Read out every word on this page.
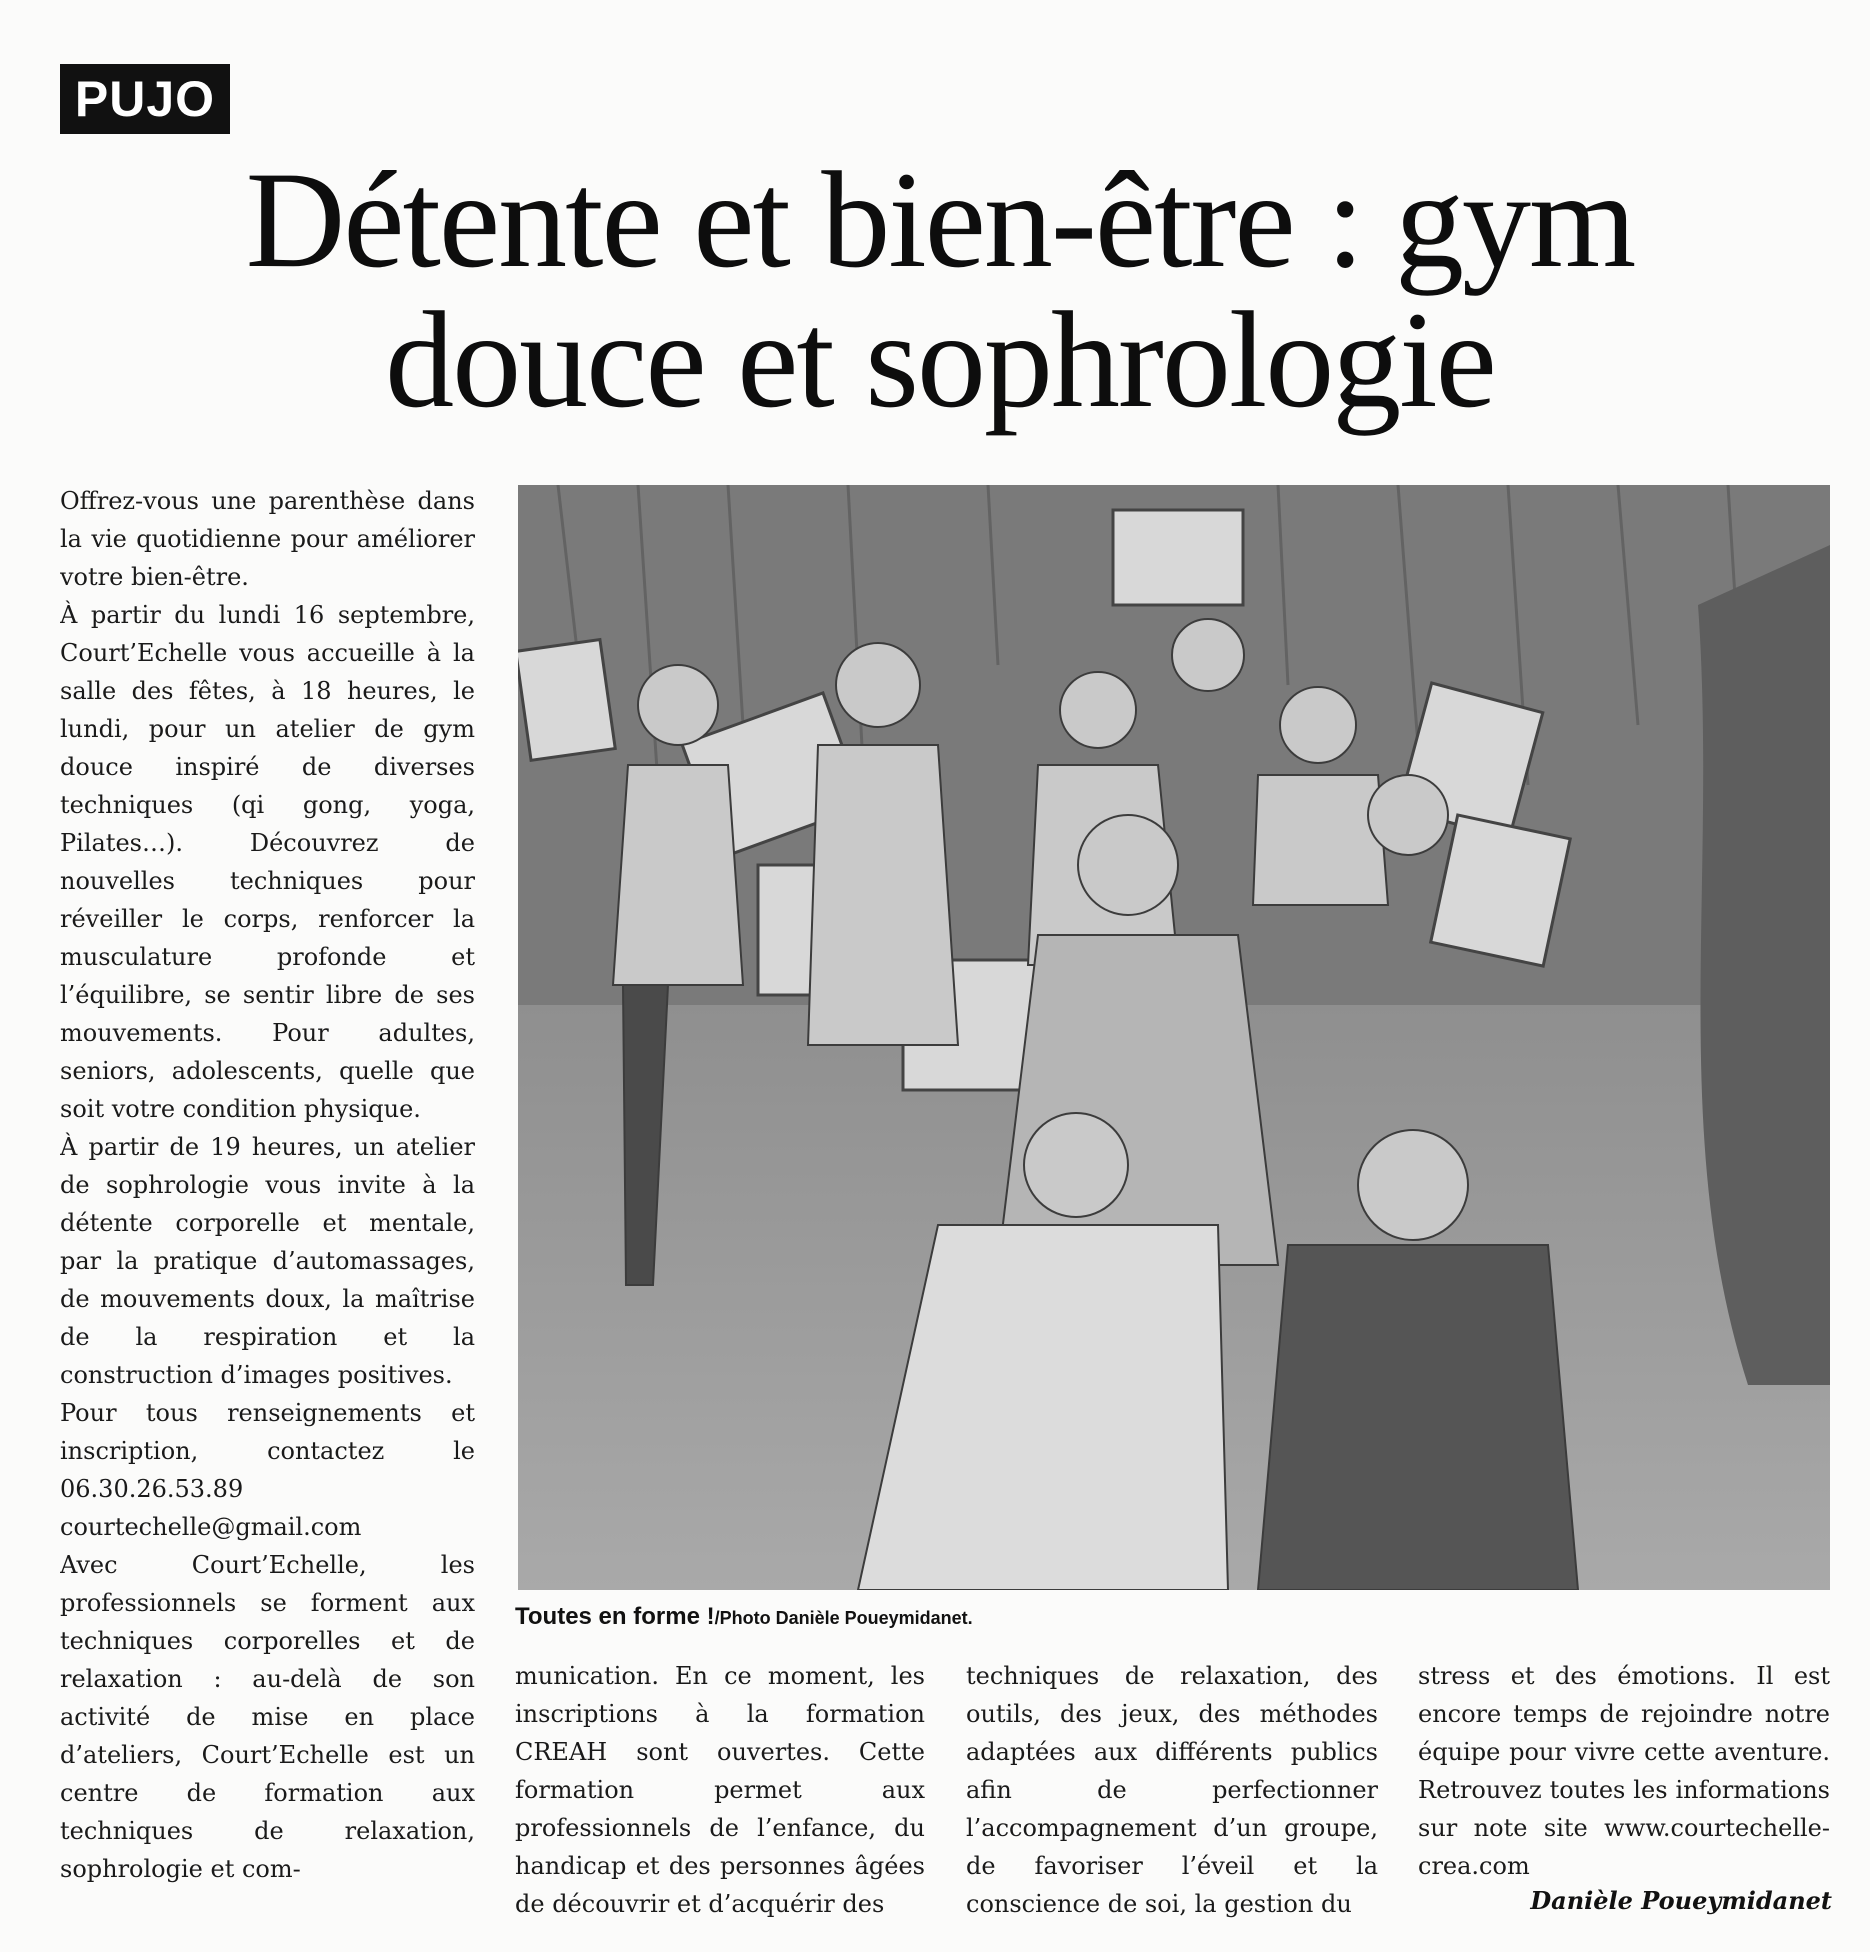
PUJO
Détente et bien-être : gym douce et sophrologie

Offrez-vous une parenthèse dans la vie quotidienne pour améliorer votre bien-être.

À partir du lundi 16 septembre, Court’Echelle vous accueille à la salle des fêtes, à 18 heures, le lundi, pour un atelier de gym douce inspiré de diverses techniques (qi gong, yoga, Pilates…). Découvrez de nouvelles techniques pour réveiller le corps, renforcer la musculature profonde et l’équilibre, se sentir libre de ses mouvements. Pour adultes, seniors, adolescents, quelle que soit votre condition physique.

À partir de 19 heures, un atelier de sophrologie vous invite à la détente corporelle et mentale, par la pratique d’automassages, de mouvements doux, la maîtrise de la respiration et la construction d’images positives.

Pour tous renseignements et inscription, contactez le 06.30.26.53.89 courtechelle@gmail.com

Avec Court’Echelle, les professionnels se forment aux techniques corporelles et de relaxation : au-delà de son activité de mise en place d’ateliers, Court’Echelle est un centre de formation aux techniques de relaxation, sophrologie et com-

Toutes en forme !/Photo Danièle Poueymidanet.

munication. En ce moment, les inscriptions à la formation CREAH sont ouvertes. Cette formation permet aux professionnels de l’enfance, du handicap et des personnes âgées de découvrir et d’acquérir des

techniques de relaxation, des outils, des jeux, des méthodes adaptées aux différents publics afin de perfectionner l’accompagnement d’un groupe, de favoriser l’éveil et la conscience de soi, la gestion du

stress et des émotions. Il est encore temps de rejoindre notre équipe pour vivre cette aventure. Retrouvez toutes les informations sur note site www.courtechelle-crea.com

Danièle Poueymidanet
